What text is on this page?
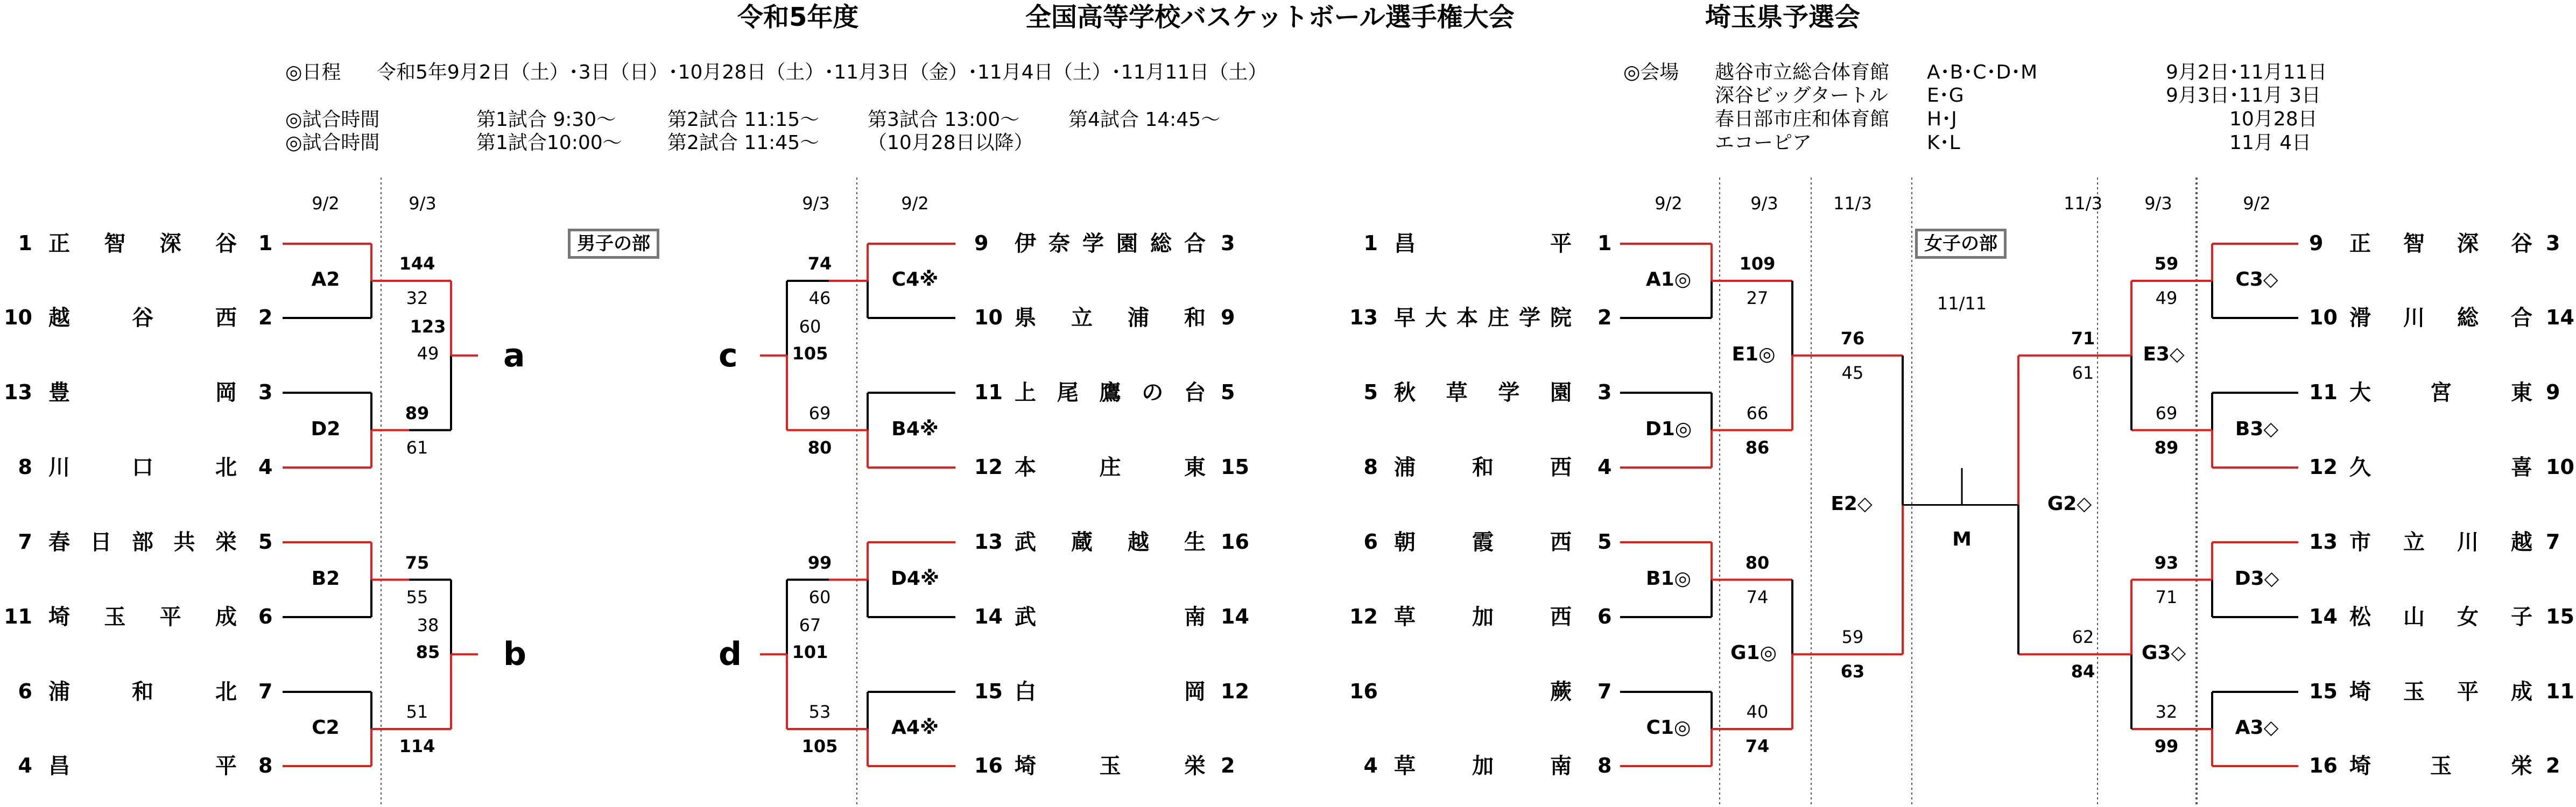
令和5年度	全国高等学校バスケットボール選手権大会	埼玉県予選会
◎日程 令和5年9月2日（土）･3日（日）･10月28日（土）･11月3日（金）･11月4日（土）･11月11日（土）
◎試合時間	第1試合 9:30～	第2試合 11:15～ 第3試合 13:00～	第4試合 14:45～
◎試合時間	第1試合10:00～ 第2試合 11:45～ （10月28日以降）
◎会場 越谷市立総合体育館 A･B･C･D･M	9月2日･11月11日
深谷ビッグタートル E･G	9月3日･11月 3日
春日部市庄和体育館 H･J	10月28日
エコーピア	K･L	11月 4日
9/2	9/3	9/3	9/2
男子の部
1 正 智 深 谷 1
10 越	谷	西 2
13 豊	岡 3
8 川	口	北 4
7 春 日 部 共 栄 5
11 埼 玉 平 成 6
6 浦	和	北 7
4 昌	平 8
9 伊 奈 学 園 総 合 3
10 県 立 浦 和 9
11 上 尾 鷹 の 台 5
12 本	庄	東 15
13 武 蔵 越 生 16
14 武	南 14
15 白	岡 12
16 埼	玉	栄 2
A2
D2
B2
C2
a
b
144
32
89
61
75
55
51
114
123
49
38
85
C4※
B4※
D4※
A4※
c
d
74
46
69
80
99
60
53
105
60
105
67
101
9/2	9/3	11/3	11/3 9/3	9/2
11/11
女子の部
1 昌	平 1
13 早 大 本 庄 学 院 2
5 秋 草 学 園 3
8 浦	和	西 4
6 朝	霞	西 5
12 草	加	西 6
16	蕨 7
4 草	加	南 8
9 正 智 深 谷 3
10 滑 川 総 合 14
11 大	宮	東 9
12 久	喜 10
13 市 立 川 越 7
14 松 山 女 子 15
15 埼 玉 平 成 11
16 埼	玉	栄 2
A1◎
D1◎
B1◎
C1◎
E1◎
G1◎
E2◇
C3◇
B3◇
D3◇
A3◇
E3◇
G3◇
G2◇
M
109
27
66
86
80
74
40
74
59
49
69
89
93
71
32
99
76
45
59
63
71
61
62
84
